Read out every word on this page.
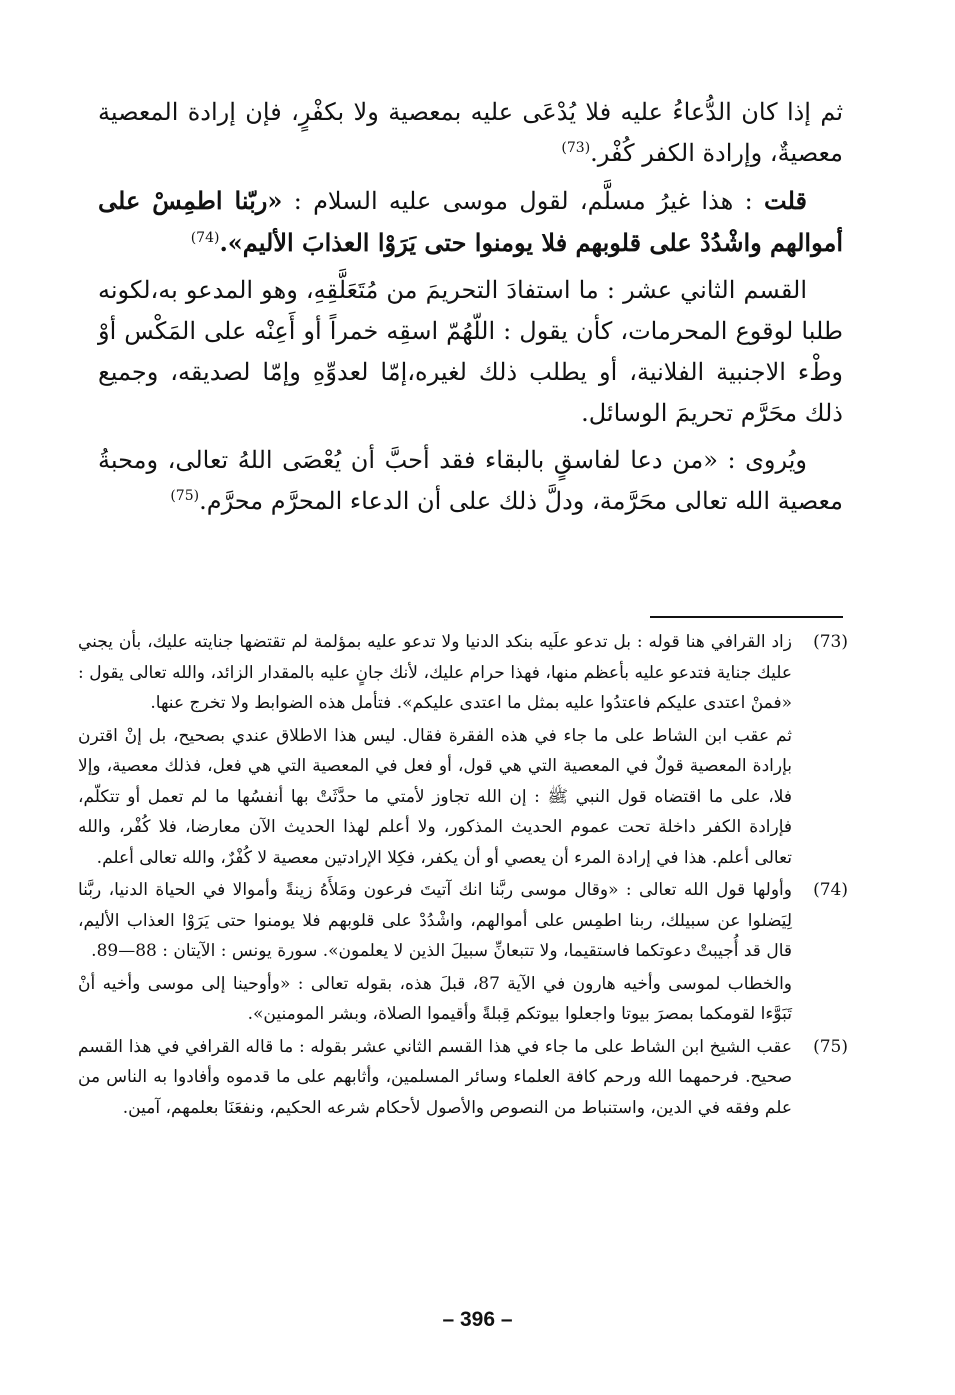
ثم إذا كان الدُّعاءُ عليه فلا يُدْعَى عليه بمعصية ولا بكفْرٍ، فإن إرادة المعصية معصيةٌ، وإرادة الكفر كُفْر.$^{(73)}$

قلت : هذا غيرُ مسلَّم، لقول موسى عليه السلام : «ربّنا اطمِسْ على أموالهم واشْدُدْ على قلوبهم فلا يومنوا حتى يَرَوْا العذابَ الأليم».$^{(74)}$

القسم الثاني عشر : ما استفادَ التحريمَ من مُتَعَلَّقِهِ، وهو المدعو به،لكونه طلبا لوقوع المحرمات، كأن يقول : اللّهُمّ اسقِه خمراً أو أَعِنْه على المَكْس أوْ وطْء الاجنبية الفلانية، أو يطلب ذلك لغيره،إمّا لعدوِّهِ وإمّا لصديقه، وجميع ذلك محَرَّم تحريمَ الوسائل.

ويُروى : «من دعا لفاسقٍ بالبقاء فقد أحبَّ أن يُعْصَى اللهُ تعالى، ومحبةُ معصية الله تعالى محَرَّمة، ودلَّ ذلك على أن الدعاء المحرَّم محرَّم.$^{(75)}$

(73)

زاد القرافي هنا قوله : بل تدعو علَيه بنكد الدنيا ولا تدعو عليه بمؤلمة لم تقتضها جنايته عليك، بأن يجني عليك جناية فتدعو عليه بأعظم منها، فهذا حرام عليك، لأنك جانٍ عليه بالمقدار الزائد، والله تعالى يقول : «فمنْ اعتدى عليكم فاعتدُوا عليه بمثل ما اعتدى عليكم». فتأمل هذه الضوابط ولا تخرج عنها.

ثم عقب ابن الشاط على ما جاء في هذه الفقرة فقال. ليس هذا الاطلاق عندي بصحيح، بل إنْ اقترن بإرادة المعصية قولٌ في المعصية التي هي قول، أو فعل في المعصية التي هي فعل، فذلك معصية، وإلا فلا، على ما اقتضاه قول النبي ﷺ : إن الله تجاوز لأمتي ما حدَّثَتْ بها أنفسُها ما لم تعمل أو تتكلّم، فإرادة الكفر داخلة تحت عموم الحديث المذكور، ولا أعلم لهذا الحديث الآن معارضا، فلا كُفْر، والله تعالى أعلم. هذا في إرادة المرء أن يعصي أو أن يكفر، فكِلا الإرادتين معصية لا كُفْرٌ، والله تعالى أعلم.

(74)

وأولها قول الله تعالى : «وقال موسى ربَّنا انك آتيتَ فرعون ومَلأَهُ زينةً وأموالا في الحياة الدنيا، ربَّنا لِيَضلوا عن سبيلك، ربنا اطمِس على أموالهم، واشْدُدْ على قلوبهم فلا يومنوا حتى يَرَوْا العذاب الأليم، قال قد أُجيبتْ دعوتكما فاستقيما، ولا تتبعانِّ سبيلَ الذين لا يعلمون». سورة يونس : الآيتان : 88—89.

والخطاب لموسى وأخيه هارون في الآية 87، قبلَ هذه، بقوله تعالى : «وأوحينا إلى موسى وأخيه أنْ تَبَوَّءا لقومكما بمصرَ بيوتا واجعلوا بيوتكم قِبلةً وأقيموا الصلاة، وبشر المومنين».

(75)

عقب الشيخ ابن الشاط على ما جاء في هذا القسم الثاني عشر بقوله : ما قاله القرافي في هذا القسم صحيح. فرحمهما الله ورحم كافة العلماء وسائر المسلمين، وأثابهم على ما قدموه وأفادوا به الناس من علم وفقه في الدين، واستنباط من النصوص والأصول لأحكام شرعه الحكيم، ونفعَنَا بعلمهم، آمين.

– 396 –
